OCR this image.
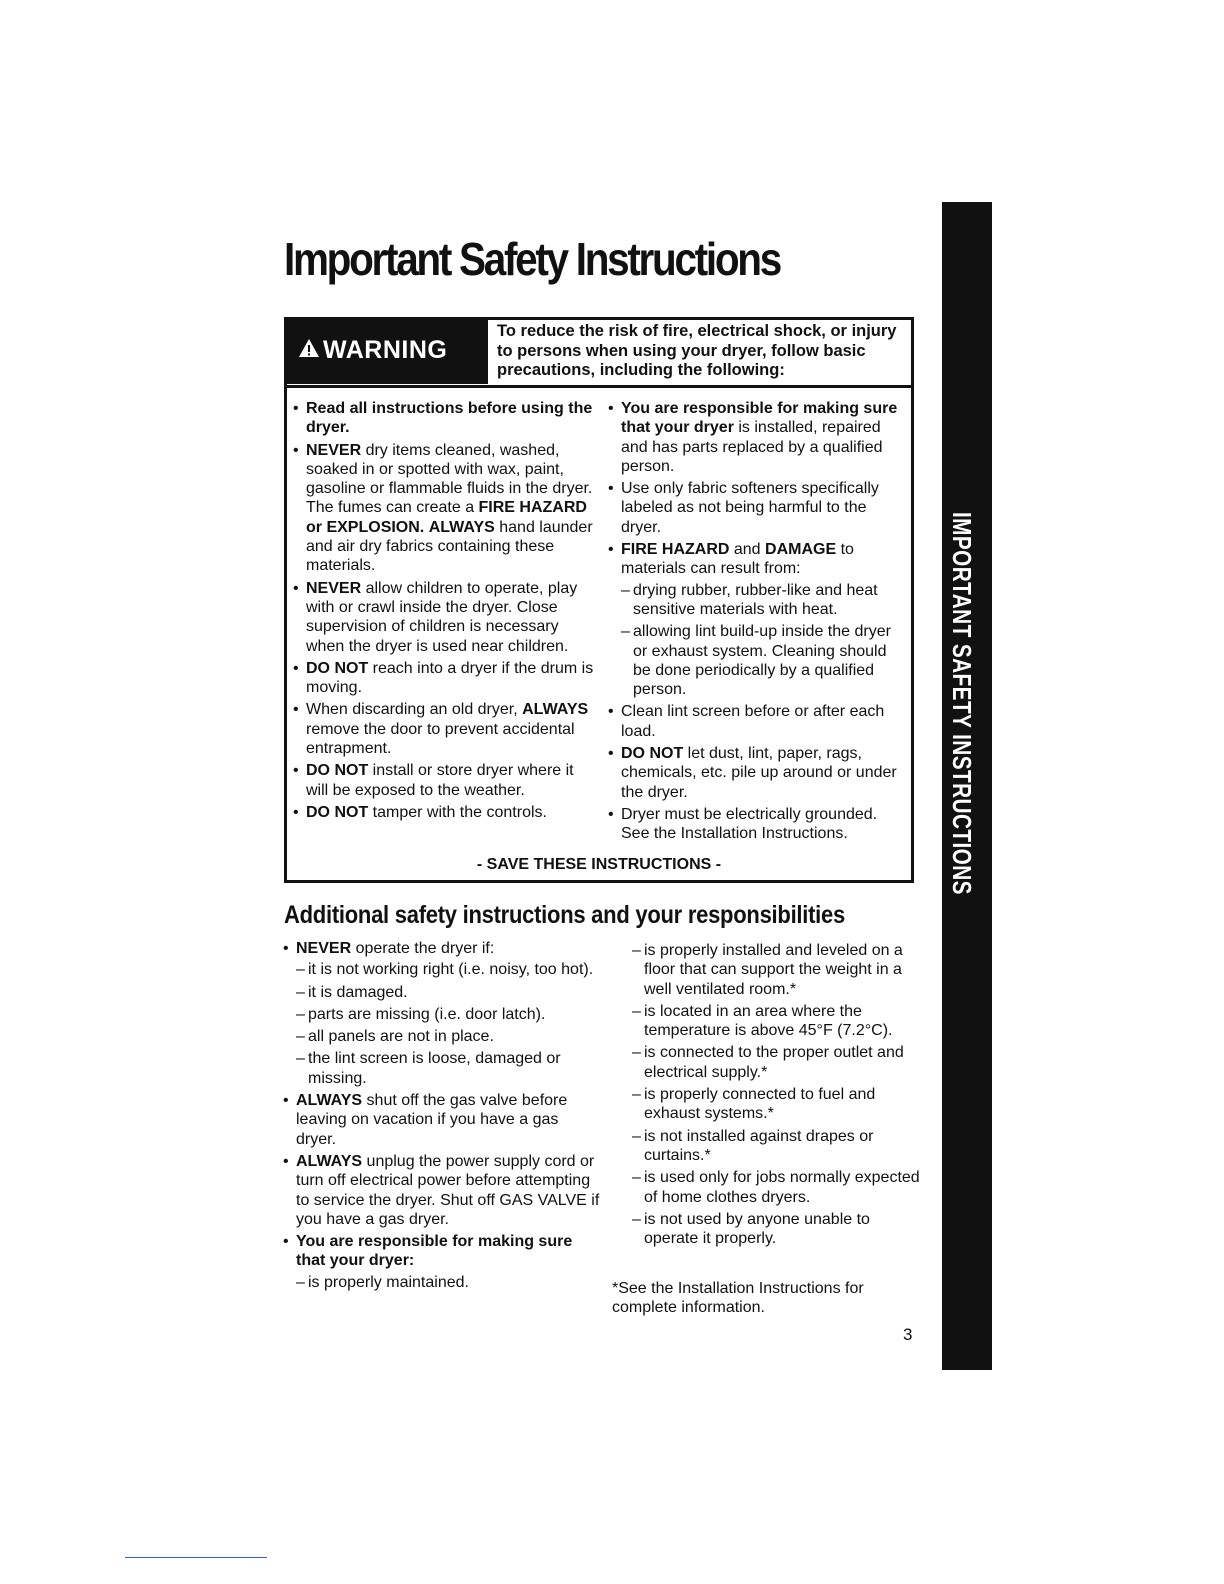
Important Safety Instructions
WARNING
To reduce the risk of fire, electrical shock, or injury to persons when using your dryer, follow basic precautions, including the following:
• Read all instructions before using the dryer.
• NEVER dry items cleaned, washed, soaked in or spotted with wax, paint, gasoline or flammable fluids in the dryer. The fumes can create a FIRE HAZARD or EXPLOSION. ALWAYS hand launder and air dry fabrics containing these materials.
• NEVER allow children to operate, play with or crawl inside the dryer. Close supervision of children is necessary when the dryer is used near children.
• DO NOT reach into a dryer if the drum is moving.
• When discarding an old dryer, ALWAYS remove the door to prevent accidental entrapment.
• DO NOT install or store dryer where it will be exposed to the weather.
• DO NOT tamper with the controls.
• You are responsible for making sure that your dryer is installed, repaired and has parts replaced by a qualified person.
• Use only fabric softeners specifically labeled as not being harmful to the dryer.
• FIRE HAZARD and DAMAGE to materials can result from:
– drying rubber, rubber-like and heat sensitive materials with heat.
– allowing lint build-up inside the dryer or exhaust system. Cleaning should be done periodically by a qualified person.
• Clean lint screen before or after each load.
• DO NOT let dust, lint, paper, rags, chemicals, etc. pile up around or under the dryer.
• Dryer must be electrically grounded. See the Installation Instructions.
- SAVE THESE INSTRUCTIONS -
Additional safety instructions and your responsibilities
• NEVER operate the dryer if:
– it is not working right (i.e. noisy, too hot).
– it is damaged.
– parts are missing (i.e. door latch).
– all panels are not in place.
– the lint screen is loose, damaged or missing.
• ALWAYS shut off the gas valve before leaving on vacation if you have a gas dryer.
• ALWAYS unplug the power supply cord or turn off electrical power before attempting to service the dryer. Shut off GAS VALVE if you have a gas dryer.
• You are responsible for making sure that your dryer:
– is properly maintained.
– is properly installed and leveled on a floor that can support the weight in a well ventilated room.*
– is located in an area where the temperature is above 45°F (7.2°C).
– is connected to the proper outlet and electrical supply.*
– is properly connected to fuel and exhaust systems.*
– is not installed against drapes or curtains.*
– is used only for jobs normally expected of home clothes dryers.
– is not used by anyone unable to operate it properly.
*See the Installation Instructions for complete information.
3
IMPORTANT SAFETY INSTRUCTIONS
